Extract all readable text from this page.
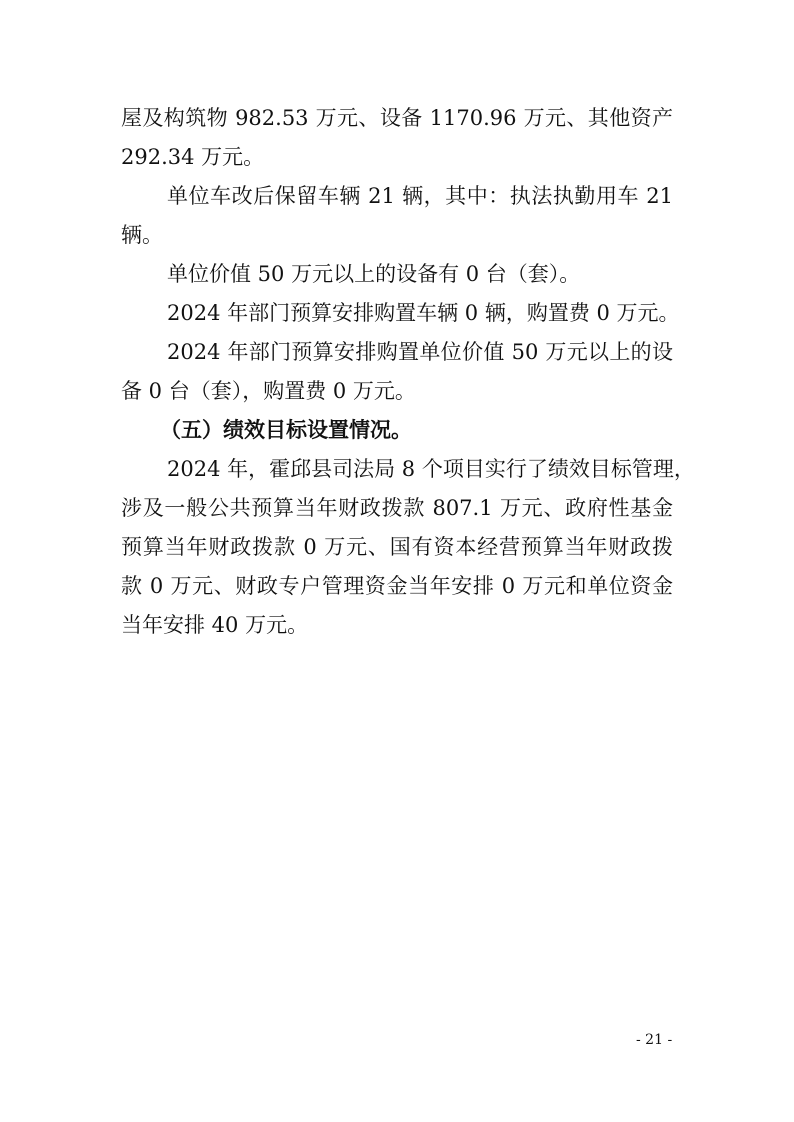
屋及构筑物 982.53 万元、设备 1170.96 万元、其他资产
292.34 万元。
单位车改后保留车辆 21 辆，其中：执法执勤用车 21
辆。
单位价值 50 万元以上的设备有 0 台（套）。
2024 年部门预算安排购置车辆 0 辆，购置费 0 万元。
2024 年部门预算安排购置单位价值 50 万元以上的设
备 0 台（套），购置费 0 万元。
（五）绩效目标设置情况。
2024 年，霍邱县司法局 8 个项目实行了绩效目标管理，
涉及一般公共预算当年财政拨款 807.1 万元、政府性基金
预算当年财政拨款 0 万元、国有资本经营预算当年财政拨
款 0 万元、财政专户管理资金当年安排 0 万元和单位资金
当年安排 40 万元。
- 21 -
